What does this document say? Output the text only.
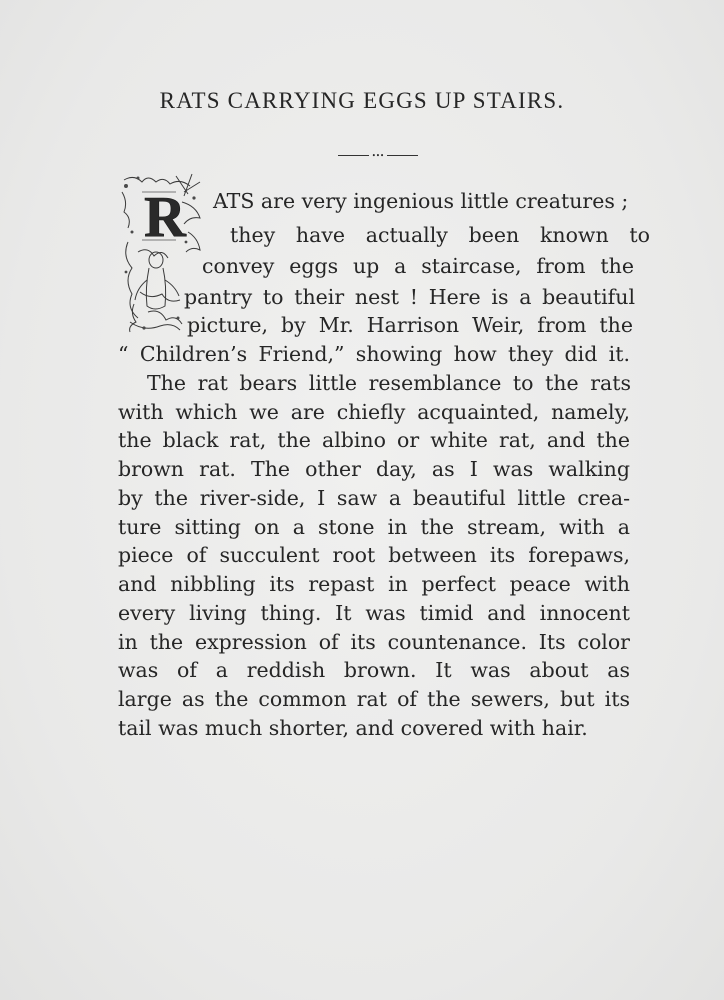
RATS CARRYING EGGS UP STAIRS.
•••
R ATS are very ingenious little creatures ;
they have actually been known to
convey eggs up a staircase, from the
pantry to their nest ! Here is a beautiful
picture, by Mr. Harrison Weir, from the
“ Children’s Friend,” showing how they did it.
The rat bears little resemblance to the rats
with which we are chiefly acquainted, namely,
the black rat, the albino or white rat, and the
brown rat. The other day, as I was walking
by the river-side, I saw a beautiful little crea-
ture sitting on a stone in the stream, with a
piece of succulent root between its forepaws,
and nibbling its repast in perfect peace with
every living thing. It was timid and innocent
in the expression of its countenance. Its color
was of a reddish brown. It was about as
large as the common rat of the sewers, but its
tail was much shorter, and covered with hair.
